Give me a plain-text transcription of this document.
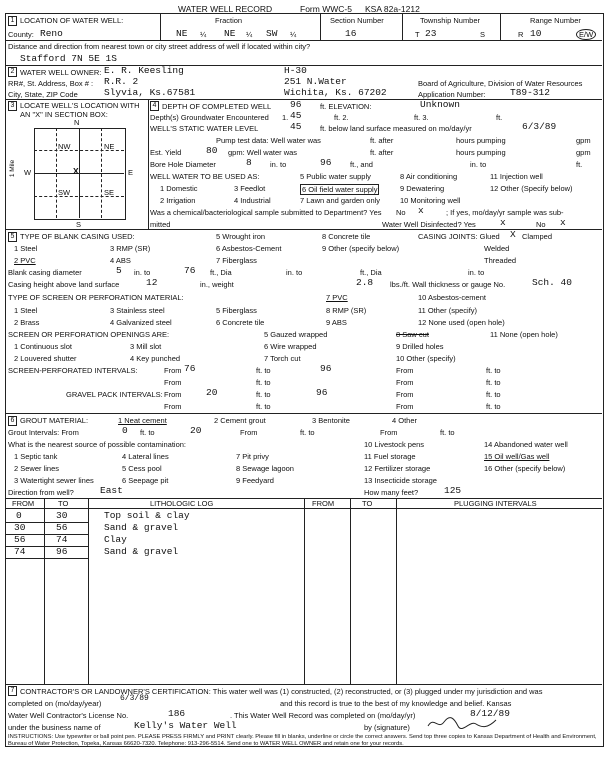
WATER WELL RECORD	Form WWC-5 KSA 82a-1212
1 LOCATION OF WATER WELL:
County: Reno
Fraction
NE ¼ NE ¼ SW ¼
Section Number
16
Township Number
T 23	S
Range Number
R 10	E/W
Distance and direction from nearest town or city street address of well if located within city?
Stafford 7N 5E 1S
2 WATER WELL OWNER:
RR#, St. Address, Box # :
City, State, ZIP Code
E. R. Keesling
R.R. 2
Slyvia, Ks.67581
H-30
251 N.Water
Wichita, Ks. 67202
Board of Agriculture, Division of Water Resources
Application Number:	T89-312
3 LOCATE WELL'S LOCATION WITH AN "X" IN SECTION BOX:
N
NW	NE
SW	SE
W	E
S
X
1 Mile
4 DEPTH OF COMPLETED WELL 96 ft. ELEVATION:	Unknown
Depth(s) Groundwater Encountered 1. 45	ft. 2.	ft. 3.	ft.
WELL'S STATIC WATER LEVEL	45 ft. below land surface measured on mo/day/yr	6/3/89
Pump test data: Well water was	ft. after	hours pumping	gpm
Est. Yield	80 gpm: Well water was	ft. after	hours pumping	gpm
Bore Hole Diameter	8 in. to	96 ft., and	in. to	ft.
WELL WATER TO BE USED AS:	5 Public water supply	8 Air conditioning	11 Injection well
1 Domestic	3 Feedlot	6 Oil field water supply	9 Dewatering	12 Other (Specify below)
2 Irrigation	4 Industrial	7 Lawn and garden only	10 Monitoring well
Was a chemical/bacteriological sample submitted to Department? Yes No x	; If yes, mo/day/yr sample was sub-
mitted	Water Well Disinfected? Yes	x	No x
5 TYPE OF BLANK CASING USED:	5 Wrought iron	8 Concrete tile	CASING JOINTS: Glued X Clamped
1 Steel	3 RMP (SR)	6 Asbestos-Cement	9 Other (specify below)	Welded
2 PVC	4 ABS	7 Fiberglass	Threaded
Blank casing diameter	5 in. to	76 ft., Dia	in. to	ft., Dia	in. to
Casing height above land surface	12	in., weight	2.8 lbs./ft. Wall thickness or gauge No.	Sch. 40
TYPE OF SCREEN OR PERFORATION MATERIAL:	7 PVC	10 Asbestos-cement
1 Steel	3 Stainless steel	5 Fiberglass	8 RMP (SR)	11 Other (specify)
2 Brass	4 Galvanized steel	6 Concrete tile	9 ABS	12 None used (open hole)
SCREEN OR PERFORATION OPENINGS ARE:	5 Gauzed wrapped	8 Saw cut	11 None (open hole)
1 Continuous slot	3 Mill slot	6 Wire wrapped	9 Drilled holes
2 Louvered shutter	4 Key punched	7 Torch cut	10 Other (specify)
SCREEN-PERFORATED INTERVALS:	From 76	ft. to	96	From	ft. to
From	ft. to	From	ft. to
GRAVEL PACK INTERVALS: From	20	ft. to	96	From	ft. to
From	ft. to	From	ft. to
6 GROUT MATERIAL:	1 Neat cement	2 Cement grout	3 Bentonite	4 Other
Grout Intervals: From	0 ft. to	20	From	ft. to	From	ft. to
What is the nearest source of possible contamination:	10 Livestock pens	14 Abandoned water well
1 Septic tank	4 Lateral lines	7 Pit privy	11 Fuel storage	15 Oil well/Gas well
2 Sewer lines	5 Cess pool	8 Sewage lagoon	12 Fertilizer storage	16 Other (specify below)
3 Watertight sewer lines	6 Seepage pit	9 Feedyard	13 Insecticide storage
Direction from well?	East	How many feet?	125
FROM	TO	LITHOLOGIC LOG	FROM	TO	PLUGGING INTERVALS
0	30	Top soil & clay
30	56	Sand & gravel
56	74	Clay
74	96	Sand & gravel
7 CONTRACTOR'S OR LANDOWNER'S CERTIFICATION: This water well was (1) constructed, (2) reconstructed, or (3) plugged under my jurisdiction and was
completed on (mo/day/year)
6/3/89
and this record is true to the best of my knowledge and belief. Kansas
Water Well Contractor's License No.	186	. This Water Well Record was completed on (mo/day/yr)	8/12/89
under the business name of	Kelly's Water Well	by (signature)
INSTRUCTIONS: Use typewriter or ball point pen. PLEASE PRESS FIRMLY and PRINT clearly. Please fill in blanks, underline or circle the correct answers. Send top three copies to Kansas Department of Health and Environment, Bureau of Water Protection, Topeka, Kansas 66620-7320. Telephone: 913-296-5514. Send one to WATER WELL OWNER and retain one for your records.
